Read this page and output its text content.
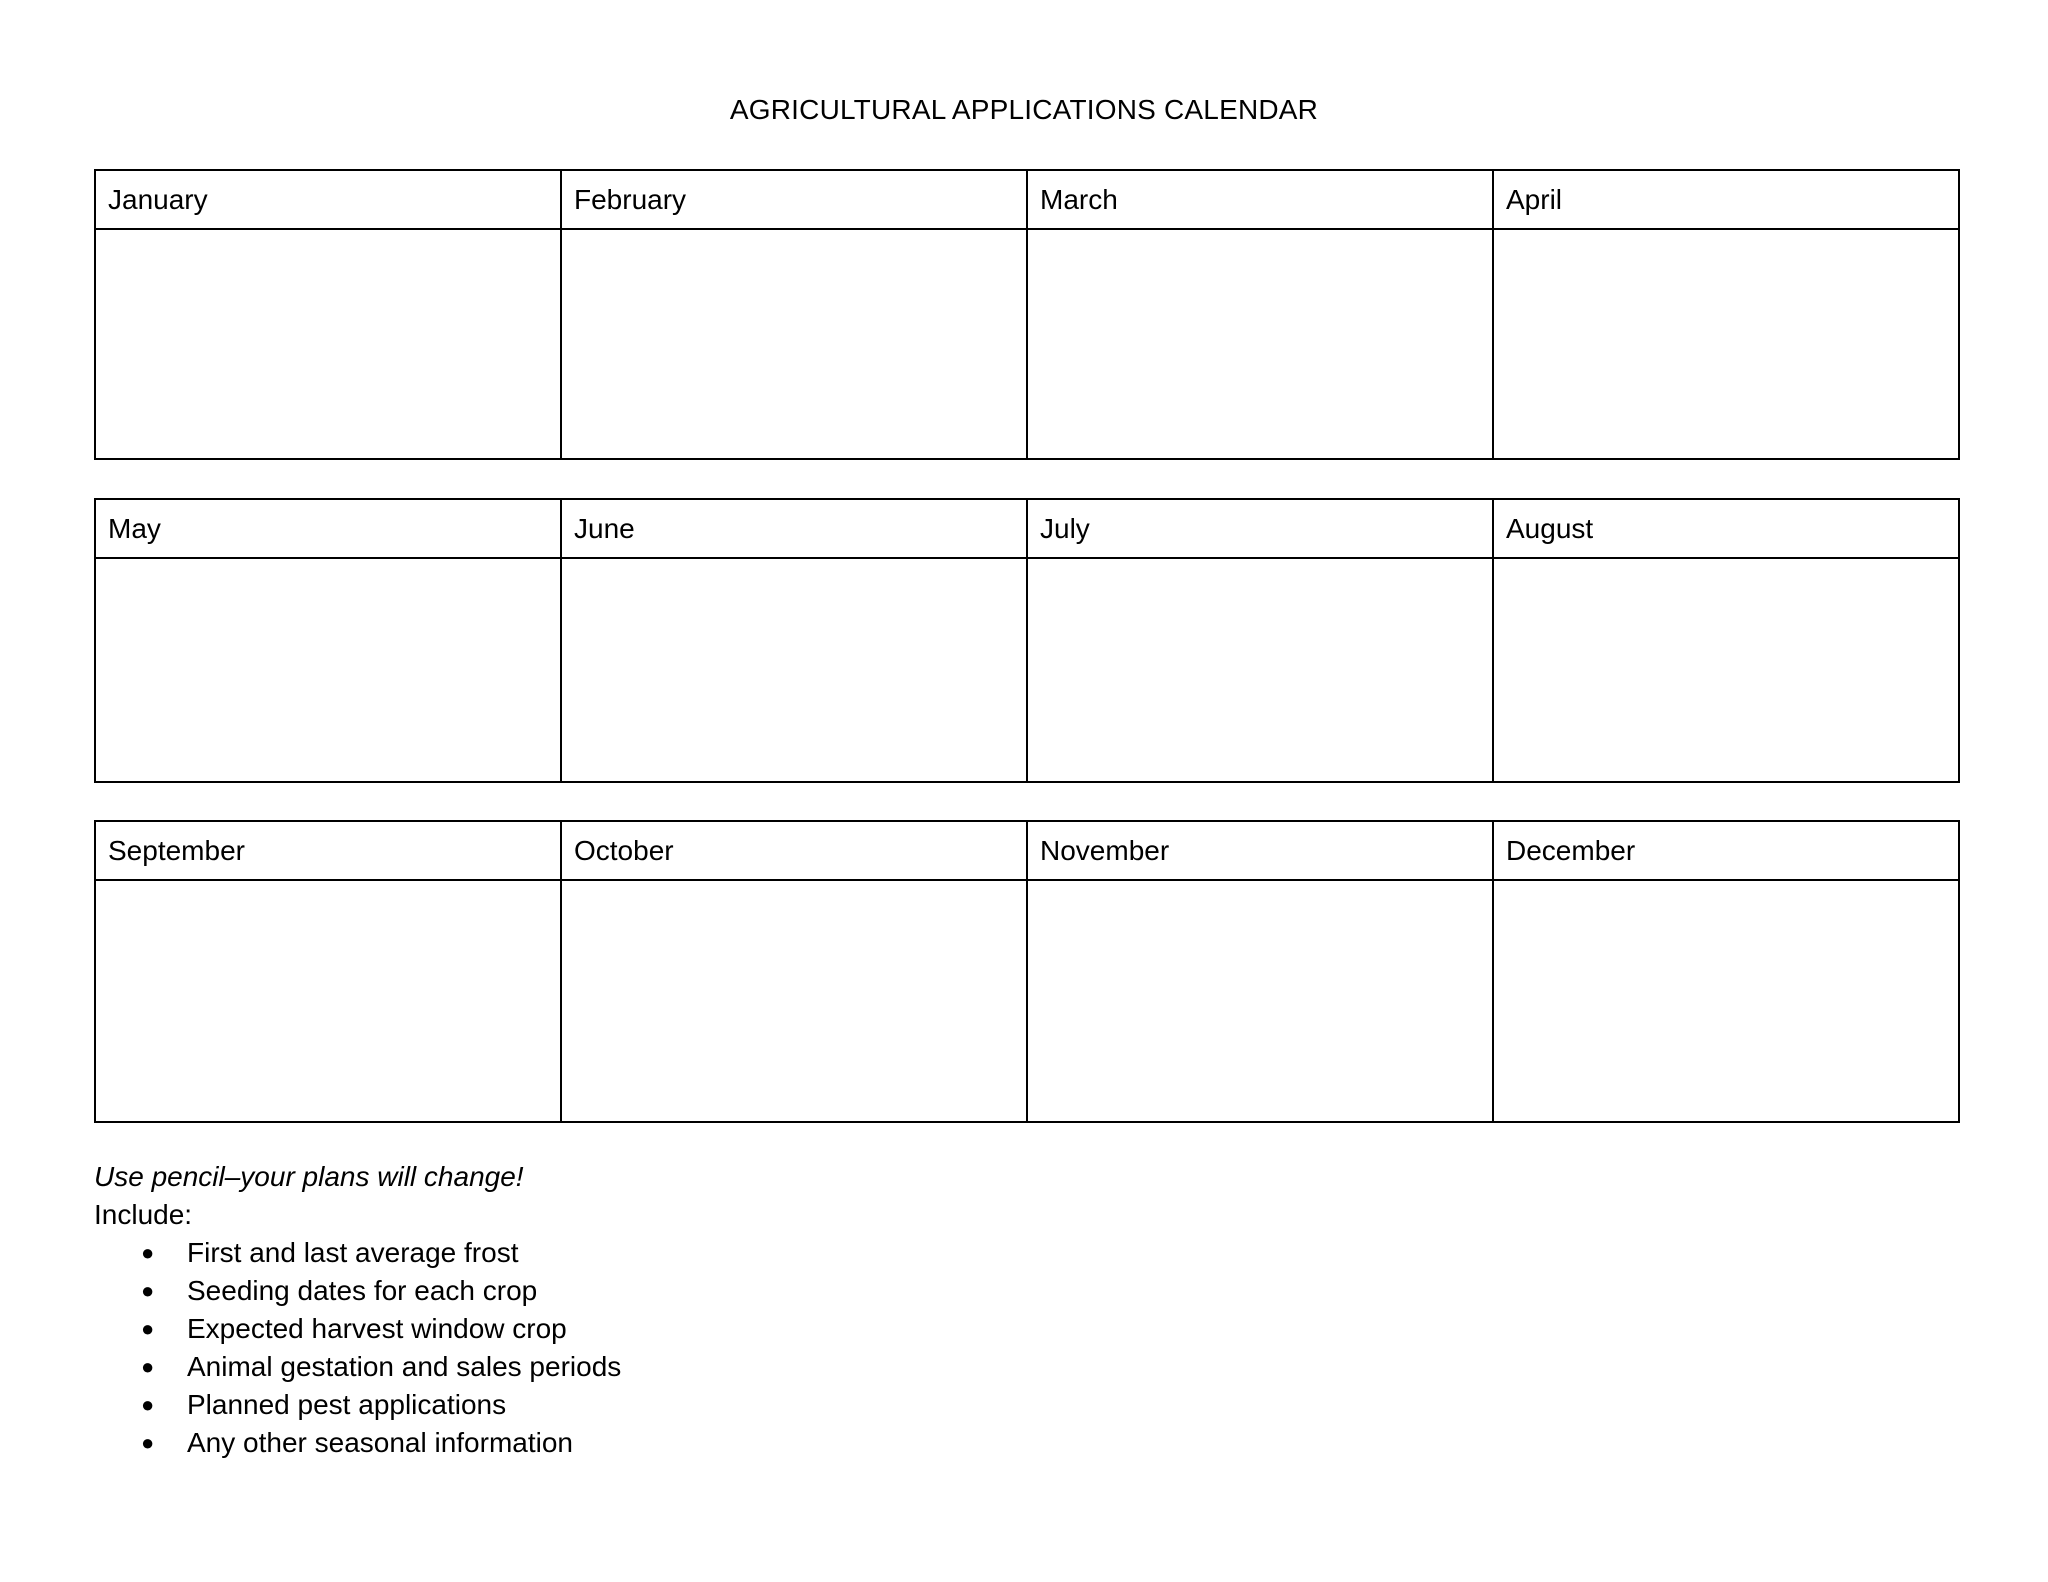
AGRICULTURAL APPLICATIONS CALENDAR
January	February	March	April

May	June	July	August

September	October	November	December

Use pencil–your plans will change!
Include:
● First and last average frost
● Seeding dates for each crop
● Expected harvest window crop
● Animal gestation and sales periods
● Planned pest applications
● Any other seasonal information
